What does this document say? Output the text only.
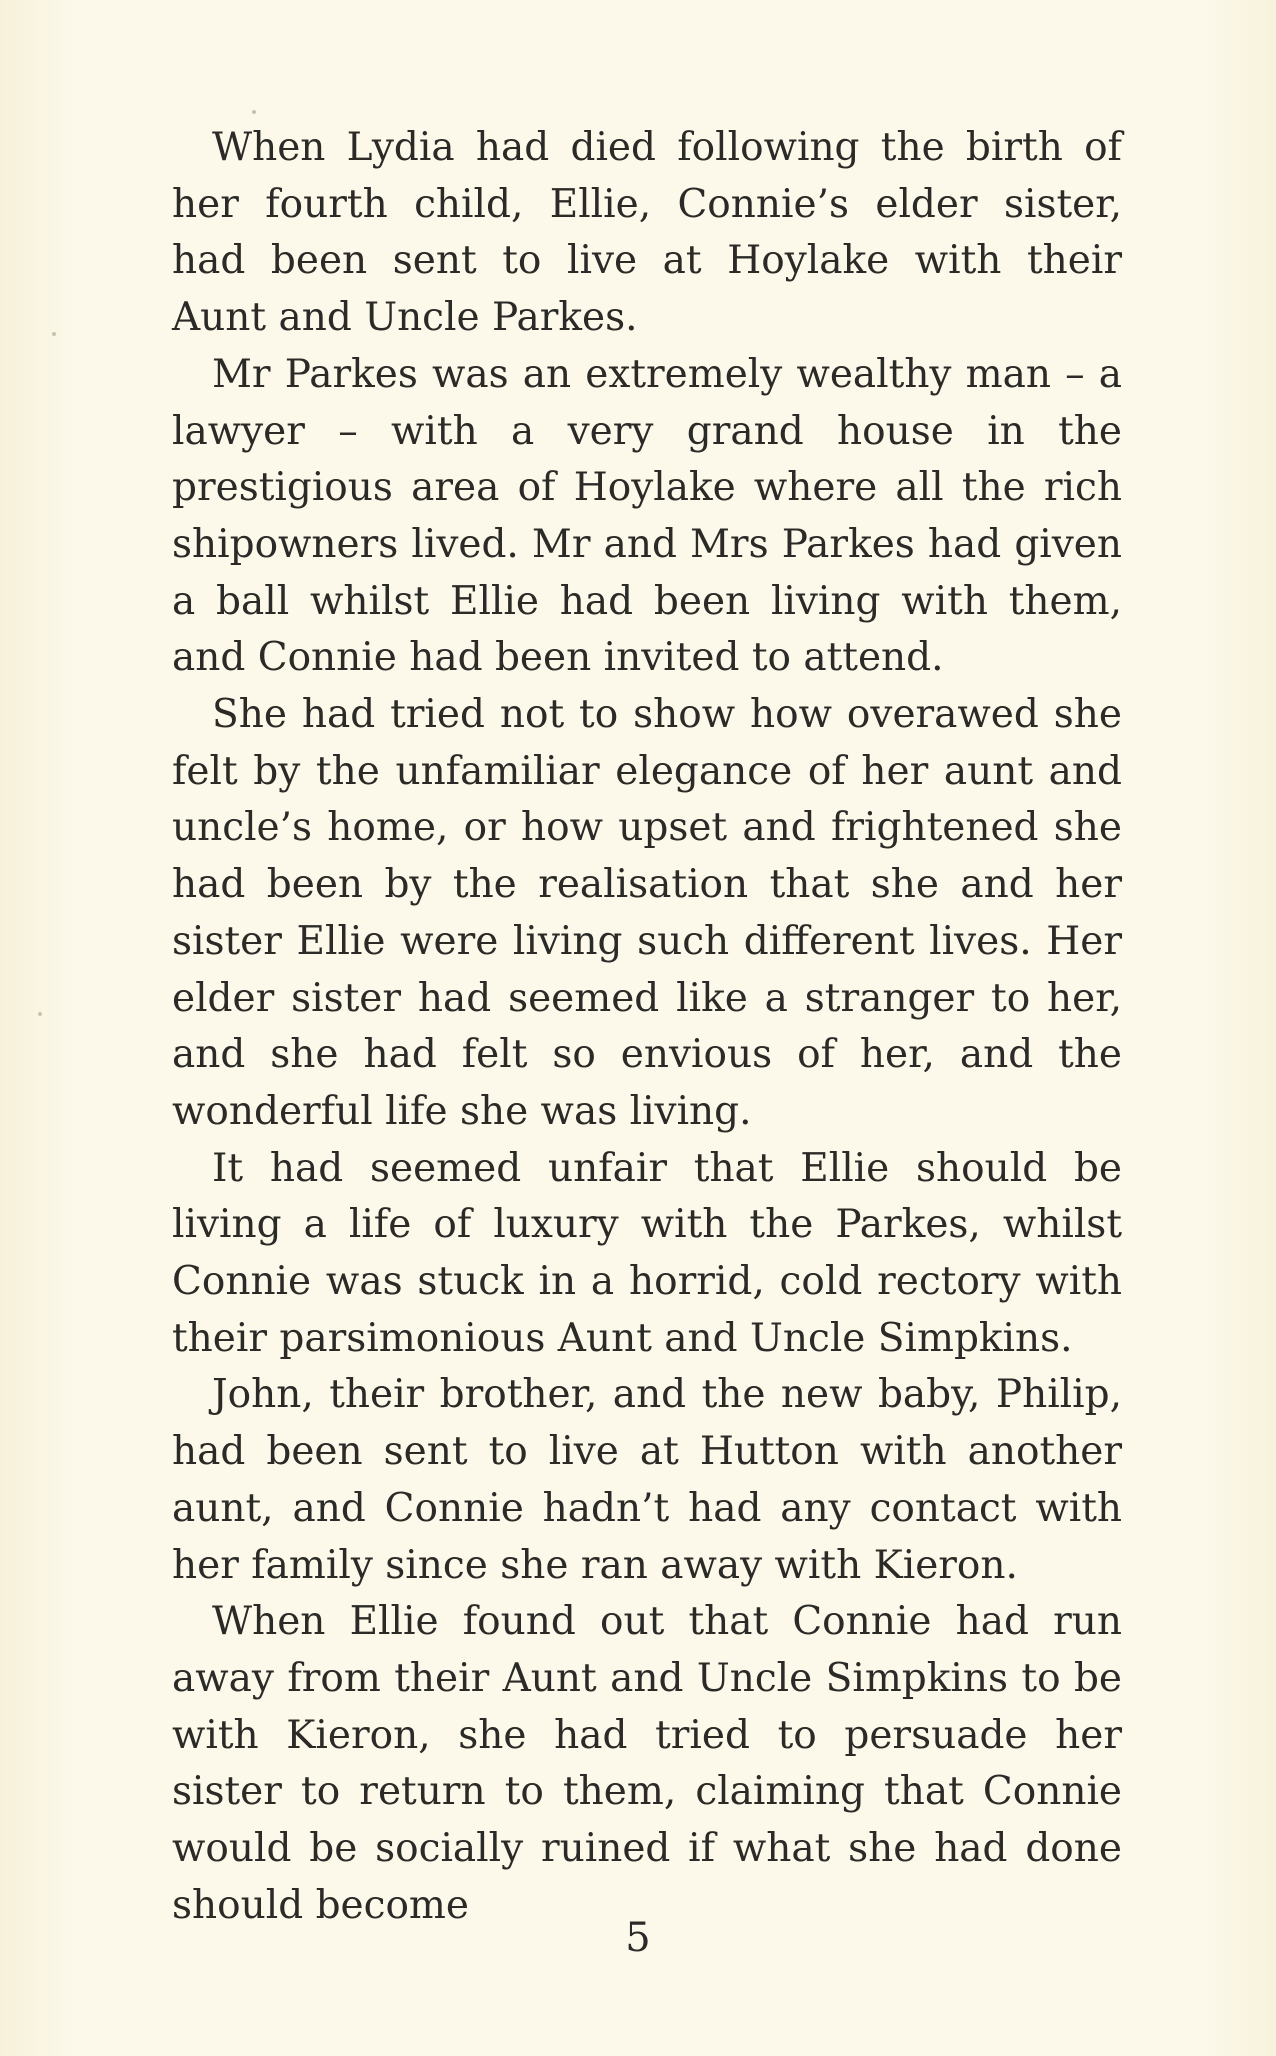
When Lydia had died following the birth of her fourth child, Ellie, Connie’s elder sister, had been sent to live at Hoylake with their Aunt and Uncle Parkes.

Mr Parkes was an extremely wealthy man – a lawyer – with a very grand house in the prestigious area of Hoylake where all the rich shipowners lived. Mr and Mrs Parkes had given a ball whilst Ellie had been living with them, and Connie had been invited to attend.

She had tried not to show how overawed she felt by the unfamiliar elegance of her aunt and uncle’s home, or how upset and frightened she had been by the realisation that she and her sister Ellie were living such different lives. Her elder sister had seemed like a stranger to her, and she had felt so envious of her, and the wonderful life she was living.

It had seemed unfair that Ellie should be living a life of luxury with the Parkes, whilst Connie was stuck in a horrid, cold rectory with their parsimonious Aunt and Uncle Simpkins.

John, their brother, and the new baby, Philip, had been sent to live at Hutton with another aunt, and Connie hadn’t had any contact with her family since she ran away with Kieron.

When Ellie found out that Connie had run away from their Aunt and Uncle Simpkins to be with Kieron, she had tried to persuade her sister to return to them, claiming that Connie would be socially ruined if what she had done should become

5
